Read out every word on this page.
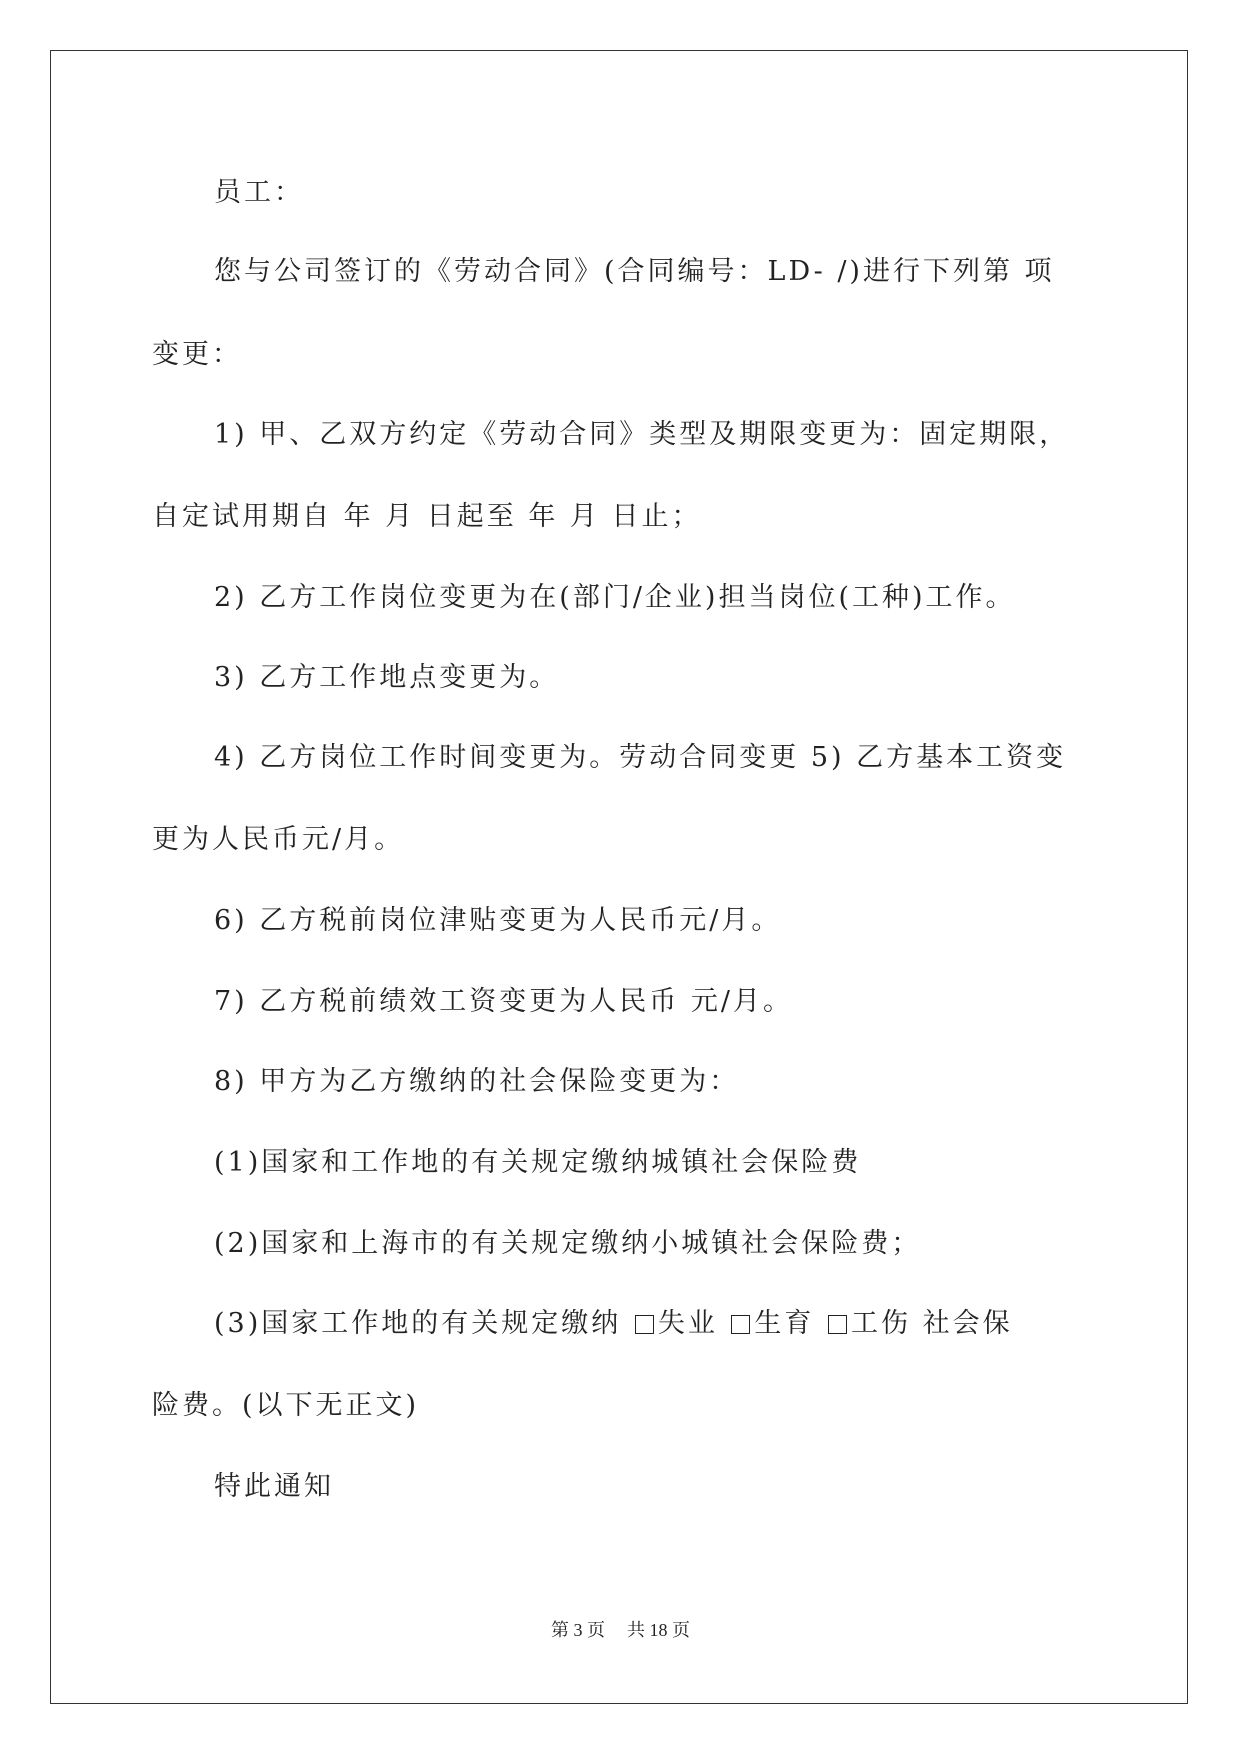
员工：
您与公司签订的《劳动合同》(合同编号：LD- /)进行下列第 项
变更：
1) 甲、乙双方约定《劳动合同》类型及期限变更为：固定期限，
自定试用期自 年 月 日起至 年 月 日止；
2) 乙方工作岗位变更为在(部门/企业)担当岗位(工种)工作。
3) 乙方工作地点变更为。
4) 乙方岗位工作时间变更为。劳动合同变更 5) 乙方基本工资变
更为人民币元/月。
6) 乙方税前岗位津贴变更为人民币元/月。
7) 乙方税前绩效工资变更为人民币 元/月。
8) 甲方为乙方缴纳的社会保险变更为：
(1)国家和工作地的有关规定缴纳城镇社会保险费
(2)国家和上海市的有关规定缴纳小城镇社会保险费；
(3)国家工作地的有关规定缴纳 失业 生育 工伤 社会保
险费。(以下无正文)
特此通知
第 3 页 共 18 页
